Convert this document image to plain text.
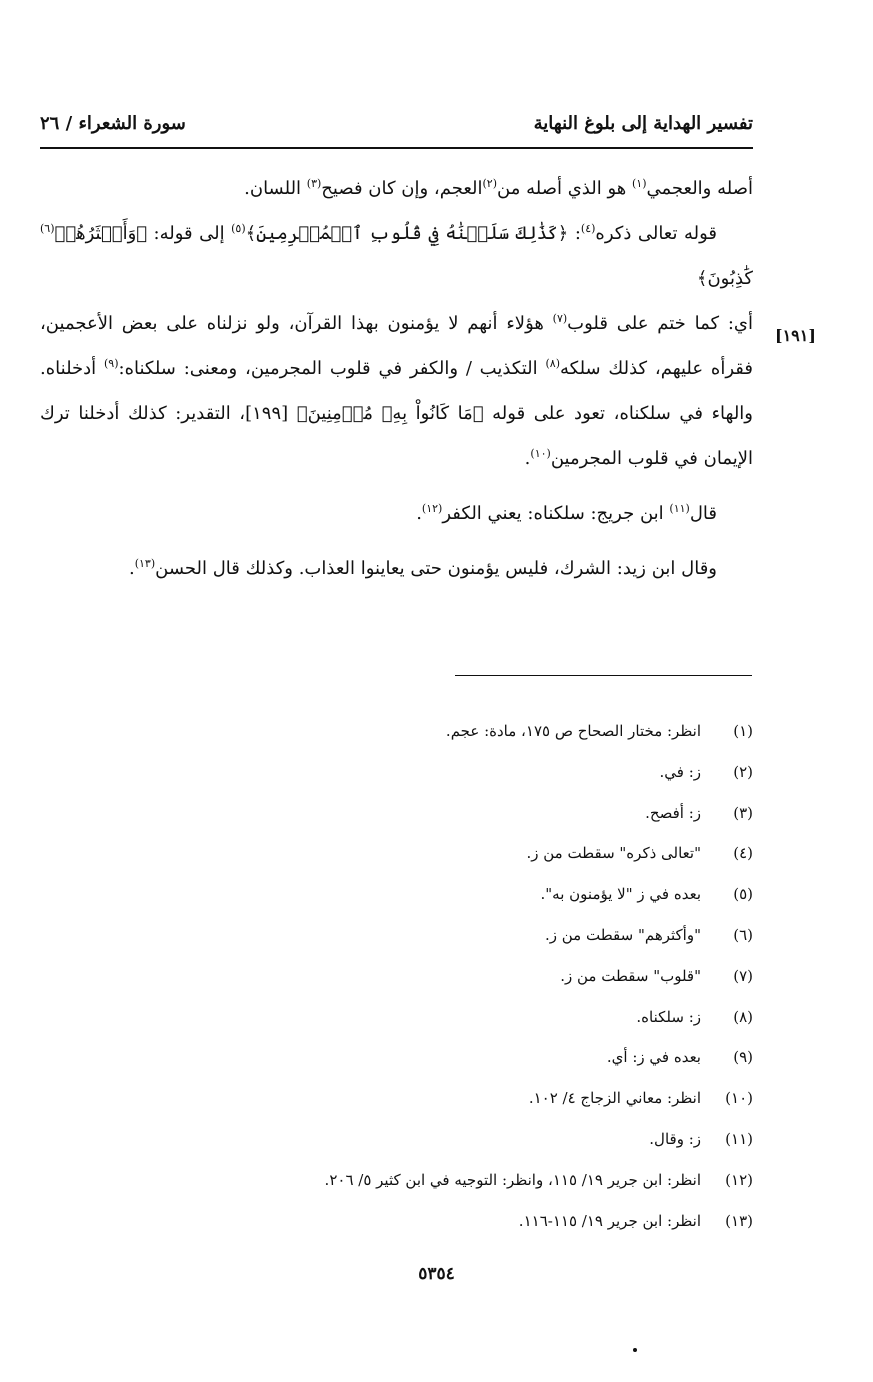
تفسير الهداية إلى بلوغ النهاية
سورة الشعراء / ٢٦
[١٩١]

أصله والعجمي$^{(١)}$ هو الذي أصله من$^{(٢)}$العجم، وإن كان فصيح$^{(٣)}$ اللسان.

قوله تعالى ذكره$^{(٤)}$: ﴿كَذَٰلِكَ سَلَكۡنَٰهُ فِي قُلُوبِ ٱلۡمُجۡرِمِينَ﴾$^{(٥)}$ إلى قوله: ﴿وَأَكۡثَرُهُمۡ$^{(٦)}$ كَٰذِبُونَ﴾

أي: كما ختم على قلوب$^{(٧)}$ هؤلاء أنهم لا يؤمنون بهذا القرآن، ولو نزلناه على بعض الأعجمين، فقرأه عليهم، كذلك سلكه$^{(٨)}$ التكذيب / والكفر في قلوب المجرمين، ومعنى: سلكناه:$^{(٩)}$ أدخلناه. والهاء في سلكناه، تعود على قوله ﴿مَا كَانُواْ بِهِۦ مُؤۡمِنِينَ﴾ [١٩٩]، التقدير: كذلك أدخلنا ترك الإيمان في قلوب المجرمين$^{(١٠)}$.

قال$^{(١١)}$ ابن جريج: سلكناه: يعني الكفر$^{(١٢)}$.

وقال ابن زيد: الشرك، فليس يؤمنون حتى يعاينوا العذاب. وكذلك قال الحسن$^{(١٣)}$.

(١)انظر: مختار الصحاح ص ١٧٥، مادة: عجم.
(٢)ز: في.
(٣)ز: أفصح.
(٤)"تعالى ذكره" سقطت من ز.
(٥)بعده في ز "لا يؤمنون به".
(٦)"وأكثرهم" سقطت من ز.
(٧)"قلوب" سقطت من ز.
(٨)ز: سلكناه.
(٩)بعده في ز: أي.
(١٠)انظر: معاني الزجاج ٤/ ١٠٢.
(١١)ز: وقال.
(١٢)انظر: ابن جرير ١٩/ ١١٥، وانظر: التوجيه في ابن كثير ٥/ ٢٠٦.
(١٣)انظر: ابن جرير ١٩/ ١١٥-١١٦.
٥٣٥٤
